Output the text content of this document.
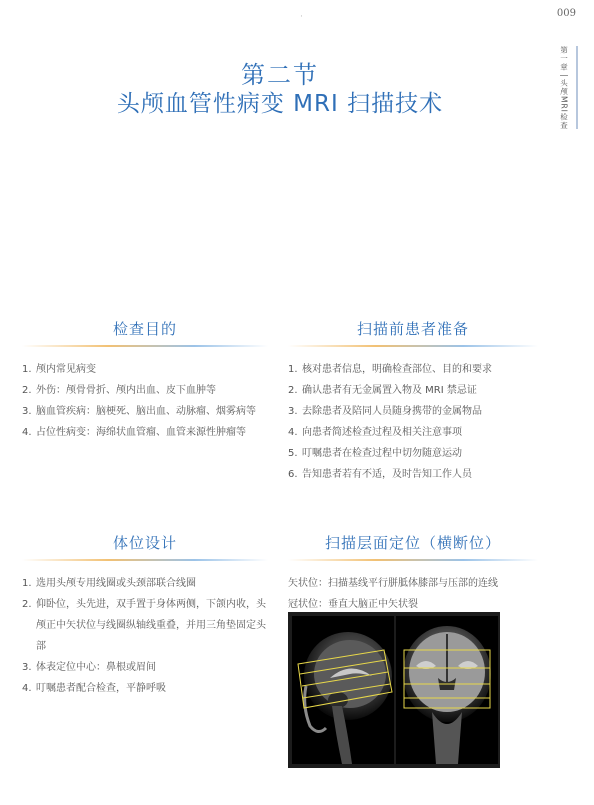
·	009
第一章
头颅MRI检查
第二节
头颅血管性病变 MRI 扫描技术
检查目的
1. 颅内常见病变
2. 外伤：颅骨骨折、颅内出血、皮下血肿等
3. 脑血管疾病：脑梗死、脑出血、动脉瘤、烟雾病等
4. 占位性病变：海绵状血管瘤、血管来源性肿瘤等
扫描前患者准备
1. 核对患者信息，明确检查部位、目的和要求
2. 确认患者有无金属置入物及 MRI 禁忌证
3. 去除患者及陪同人员随身携带的金属物品
4. 向患者简述检查过程及相关注意事项
5. 叮嘱患者在检查过程中切勿随意运动
6. 告知患者若有不适，及时告知工作人员
体位设计
1. 选用头颅专用线圈或头颈部联合线圈
2. 仰卧位，头先进，双手置于身体两侧，下颌内收，头颅正中矢状位与线圈纵轴线重叠，并用三角垫固定头部
3. 体表定位中心：鼻根或眉间
4. 叮嘱患者配合检查，平静呼吸
扫描层面定位（横断位）
矢状位：扫描基线平行胼胝体膝部与压部的连线
冠状位：垂直大脑正中矢状裂
